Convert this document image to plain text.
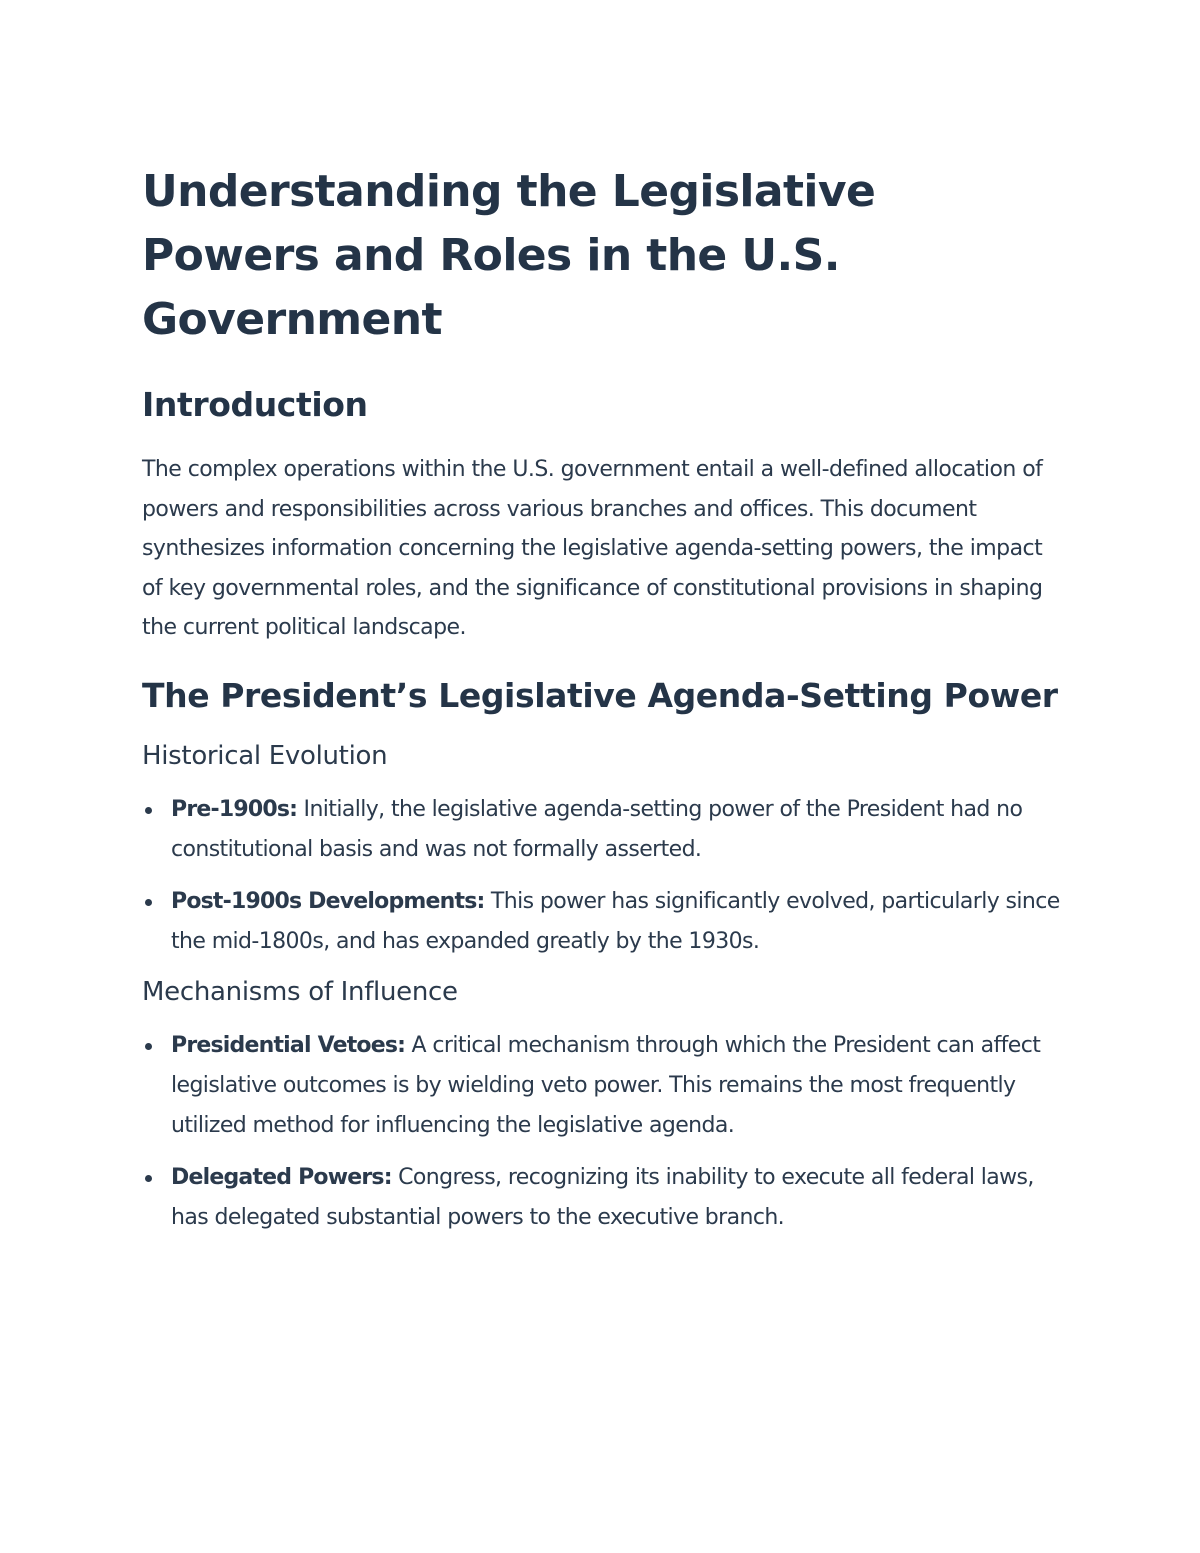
Understanding the Legislative Powers and Roles in the U.S. Government
Introduction

The complex operations within the U.S. government entail a well-defined allocation of powers and responsibilities across various branches and offices. This document synthesizes information concerning the legislative agenda-setting powers, the impact of key governmental roles, and the significance of constitutional provisions in shaping the current political landscape.

The President’s Legislative Agenda-Setting Power
Historical Evolution
Pre-1900s: Initially, the legislative agenda-setting power of the President had no constitutional basis and was not formally asserted.
Post-1900s Developments: This power has significantly evolved, particularly since the mid-1800s, and has expanded greatly by the 1930s.
Mechanisms of Influence
Presidential Vetoes: A critical mechanism through which the President can affect legislative outcomes is by wielding veto power. This remains the most frequently utilized method for influencing the legislative agenda.
Delegated Powers: Congress, recognizing its inability to execute all federal laws, has delegated substantial powers to the executive branch.
